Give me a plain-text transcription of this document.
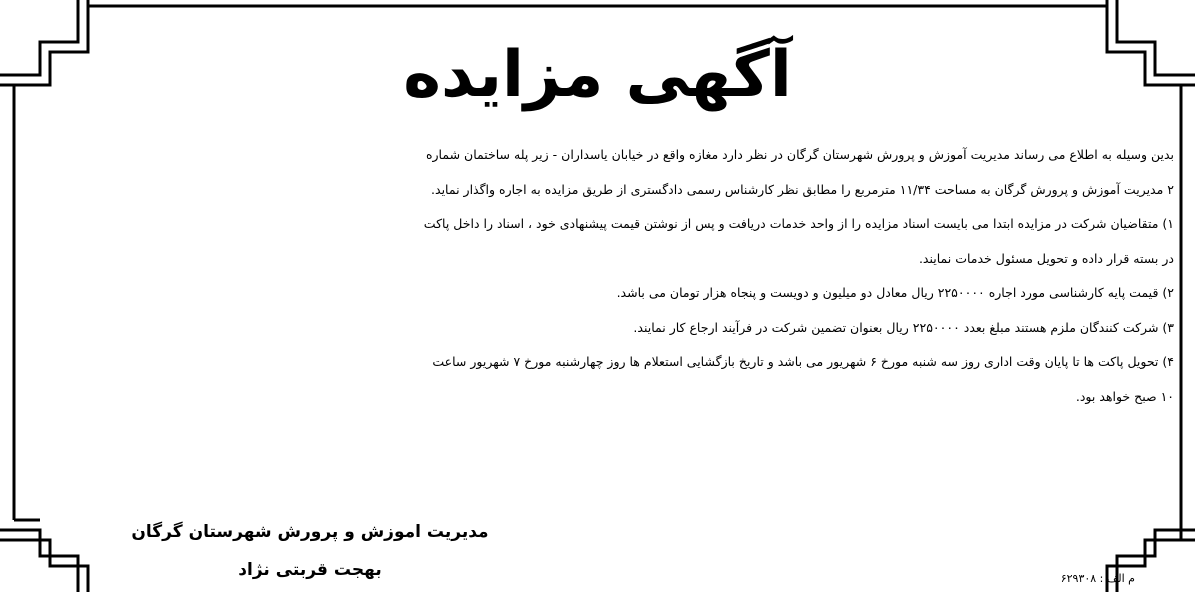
آگهی مزایده
بدین وسیله به اطلاع می رساند مدیریت آموزش و پرورش شهرستان گرگان در نظر دارد مغازه واقع در خیابان یاسداران - زیر پله ساختمان شماره
۲ مدیریت آموزش و پرورش گرگان به مساحت ۱۱/۳۴ مترمربع را مطابق نظر کارشناس رسمی دادگستری از طریق مزایده به اجاره واگذار نماید.
۱) متقاضیان شرکت در مزایده ابتدا می بایست اسناد مزایده را از واحد خدمات دریافت و پس از نوشتن قیمت پیشنهادی خود ، اسناد را داخل پاکت
در بسته قرار داده و تحویل مسئول خدمات نمایند.
۲) قیمت پایه کارشناسی مورد اجاره ۲۲۵۰۰۰۰ ریال معادل دو میلیون و دویست و پنجاه هزار تومان می باشد.
۳) شرکت کنندگان ملزم هستند مبلغ بعدد ۲۲۵۰۰۰۰ ریال بعنوان تضمین شرکت در فرآیند ارجاع کار نمایند.
۴) تحویل پاکت ها تا پایان وقت اداری روز سه شنبه مورخ ۶ شهریور می باشد و تاریخ بازگشایی استعلام ها روز چهارشنبه مورخ ۷ شهریور ساعت
۱۰ صبح خواهد بود.
مدیریت اموزش و پرورش شهرستان گرگان
بهجت قربتی نژاد	م الف : ۶۲۹۳۰۸
